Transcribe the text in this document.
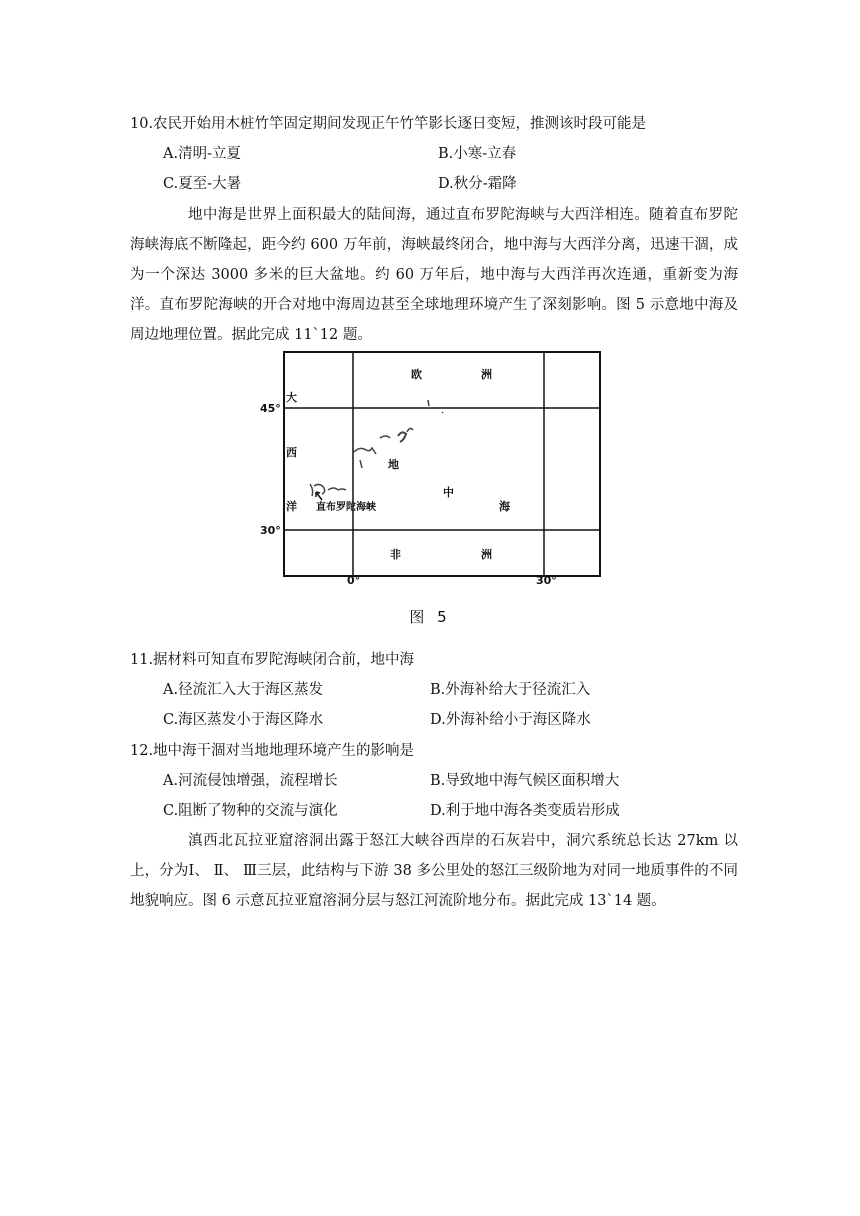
10.农民开始用木桩竹竿固定期间发现正午竹竿影长逐日变短，推测该时段可能是
A.清明-立夏	B.小寒-立春
C.夏至-大暑	D.秋分-霜降
地中海是世界上面积最大的陆间海，通过直布罗陀海峡与大西洋相连。随着直布罗陀海峡海底不断隆起，距今约 600 万年前，海峡最终闭合，地中海与大西洋分离，迅速干涸，成为一个深达 3000 多米的巨大盆地。约 60 万年后，地中海与大西洋再次连通，重新变为海洋。直布罗陀海峡的开合对地中海周边甚至全球地理环境产生了深刻影响。图 5 示意地中海及周边地理位置。据此完成 11`12 题。
欧	洲
大
西
洋
地
中
海
直布罗陀海峡
非	洲
45°
30°
0°	30°
图 5
11.据材料可知直布罗陀海峡闭合前，地中海
A.径流汇入大于海区蒸发	B.外海补给大于径流汇入
C.海区蒸发小于海区降水	D.外海补给小于海区降水
12.地中海干涸对当地地理环境产生的影响是
A.河流侵蚀增强，流程增长	B.导致地中海气候区面积增大
C.阻断了物种的交流与演化	D.利于地中海各类变质岩形成
滇西北瓦拉亚窟溶洞出露于怒江大峡谷西岸的石灰岩中，洞穴系统总长达 27km 以上，分为Ⅰ、 Ⅱ、 Ⅲ三层，此结构与下游 38 多公里处的怒江三级阶地为对同一地质事件的不同地貌响应。图 6 示意瓦拉亚窟溶洞分层与怒江河流阶地分布。据此完成 13`14 题。
